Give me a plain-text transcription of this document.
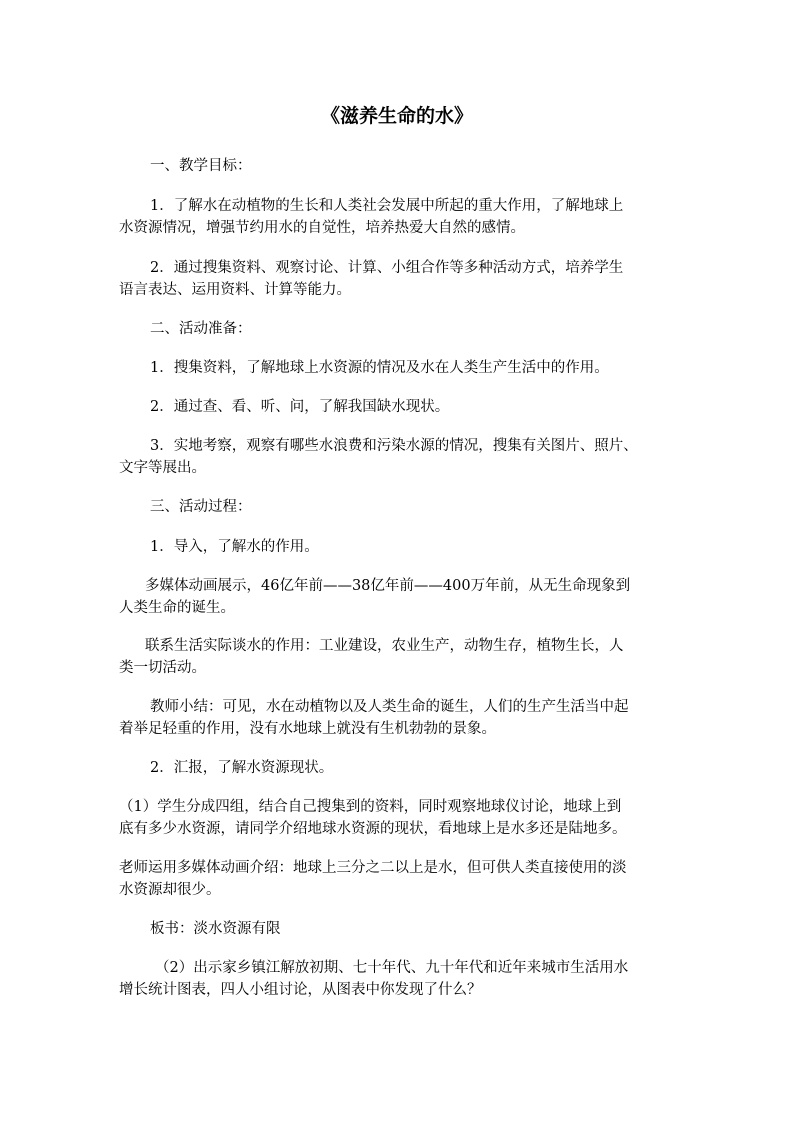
《滋养生命的水》
一、教学目标：
1．了解水在动植物的生长和人类社会发展中所起的重大作用，了解地球上
水资源情况，增强节约用水的自觉性，培养热爱大自然的感情。
2．通过搜集资料、观察讨论、计算、小组合作等多种活动方式，培养学生
语言表达、运用资料、计算等能力。
二、活动准备：
1．搜集资料，了解地球上水资源的情况及水在人类生产生活中的作用。
2．通过查、看、听、问，了解我国缺水现状。
3．实地考察，观察有哪些水浪费和污染水源的情况，搜集有关图片、照片、
文字等展出。
三、活动过程：
1．导入，了解水的作用。
多媒体动画展示，46亿年前——38亿年前——400万年前，从无生命现象到
人类生命的诞生。
联系生活实际谈水的作用：工业建设，农业生产，动物生存，植物生长，人
类一切活动。
教师小结：可见，水在动植物以及人类生命的诞生，人们的生产生活当中起
着举足轻重的作用，没有水地球上就没有生机勃勃的景象。
2．汇报，了解水资源现状。
（1）学生分成四组，结合自己搜集到的资料，同时观察地球仪讨论，地球上到
底有多少水资源，请同学介绍地球水资源的现状，看地球上是水多还是陆地多。
老师运用多媒体动画介绍：地球上三分之二以上是水，但可供人类直接使用的淡
水资源却很少。
板书：淡水资源有限
（2）出示家乡镇江解放初期、七十年代、九十年代和近年来城市生活用水
增长统计图表，四人小组讨论，从图表中你发现了什么？
